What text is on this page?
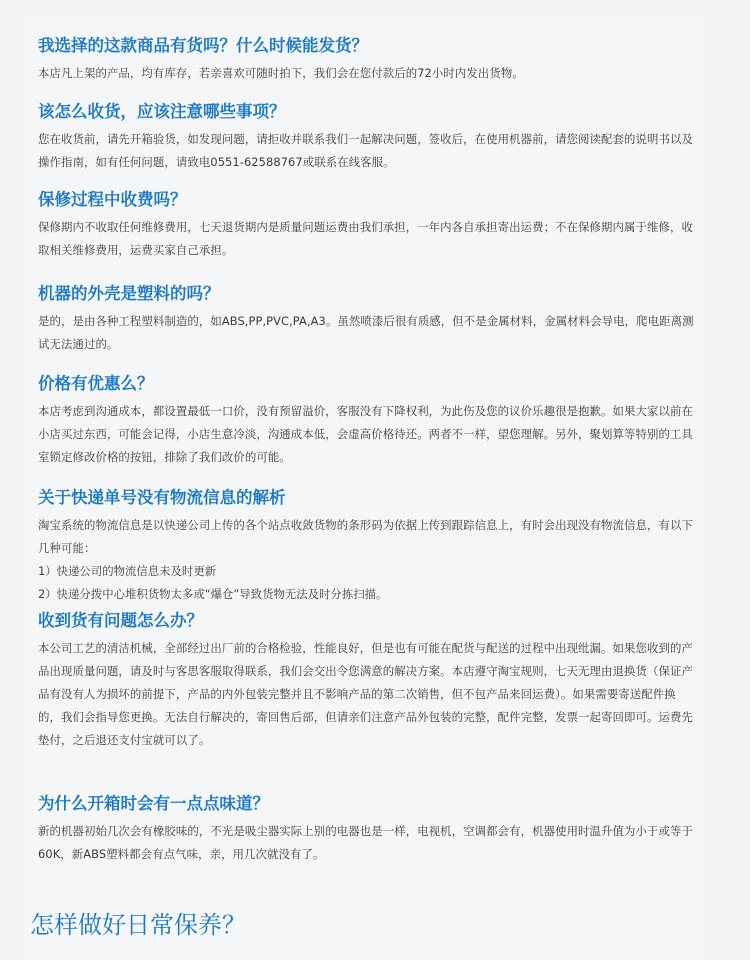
我选择的这款商品有货吗？什么时候能发货？

本店凡上架的产品，均有库存，若亲喜欢可随时拍下，我们会在您付款后的72小时内发出货物。

该怎么收货，应该注意哪些事项？

您在收货前，请先开箱验货，如发现问题，请拒收并联系我们一起解决问题，签收后，在使用机器前，请您阅读配套的说明书以及操作指南，如有任何问题，请致电0551-62588767或联系在线客服。

保修过程中收费吗？

保修期内不收取任何维修费用，七天退货期内是质量问题运费由我们承担，一年内各自承担寄出运费；不在保修期内属于维修，收取相关维修费用，运费买家自己承担。

机器的外壳是塑料的吗？

是的，是由各种工程塑料制造的，如ABS,PP,PVC,PA,A3。虽然喷漆后很有质感，但不是金属材料，金属材料会导电，爬电距离测试无法通过的。

价格有优惠么？

本店考虑到沟通成本，都设置最低一口价，没有预留溢价，客服没有下降权利，为此伤及您的议价乐趣很是抱歉。如果大家以前在小店买过东西，可能会记得，小店生意冷淡，沟通成本低，会虚高价格待还。两者不一样，望您理解。另外，聚划算等特别的工具室锁定修改价格的按钮，排除了我们改价的可能。

关于快递单号没有物流信息的解析

淘宝系统的物流信息是以快递公司上传的各个站点收敛货物的条形码为依据上传到跟踪信息上，有时会出现没有物流信息，有以下几种可能：

1）快递公司的物流信息未及时更新
2）快递分拨中心堆积货物太多或“爆仓”导致货物无法及时分拣扫描。
收到货有问题怎么办？

本公司工艺的清洁机械，全部经过出厂前的合格检验，性能良好，但是也有可能在配货与配送的过程中出现纰漏。如果您收到的产品出现质量问题，请及时与客思客服取得联系，我们会交出令您满意的解决方案。本店遵守淘宝规则，七天无理由退换货（保证产品有没有人为损坏的前提下，产品的内外包装完整并且不影响产品的第二次销售，但不包产品来回运费）。如果需要寄送配件换的，我们会指导您更换。无法自行解决的，寄回售后部，但请亲们注意产品外包装的完整，配件完整，发票一起寄回即可。运费先垫付，之后退还支付宝就可以了。

为什么开箱时会有一点点味道？

新的机器初始几次会有橡胶味的，不光是吸尘器实际上别的电器也是一样，电视机，空调都会有，机器使用时温升值为小于或等于60K，新ABS塑料都会有点气味，亲，用几次就没有了。

怎样做好日常保养？
